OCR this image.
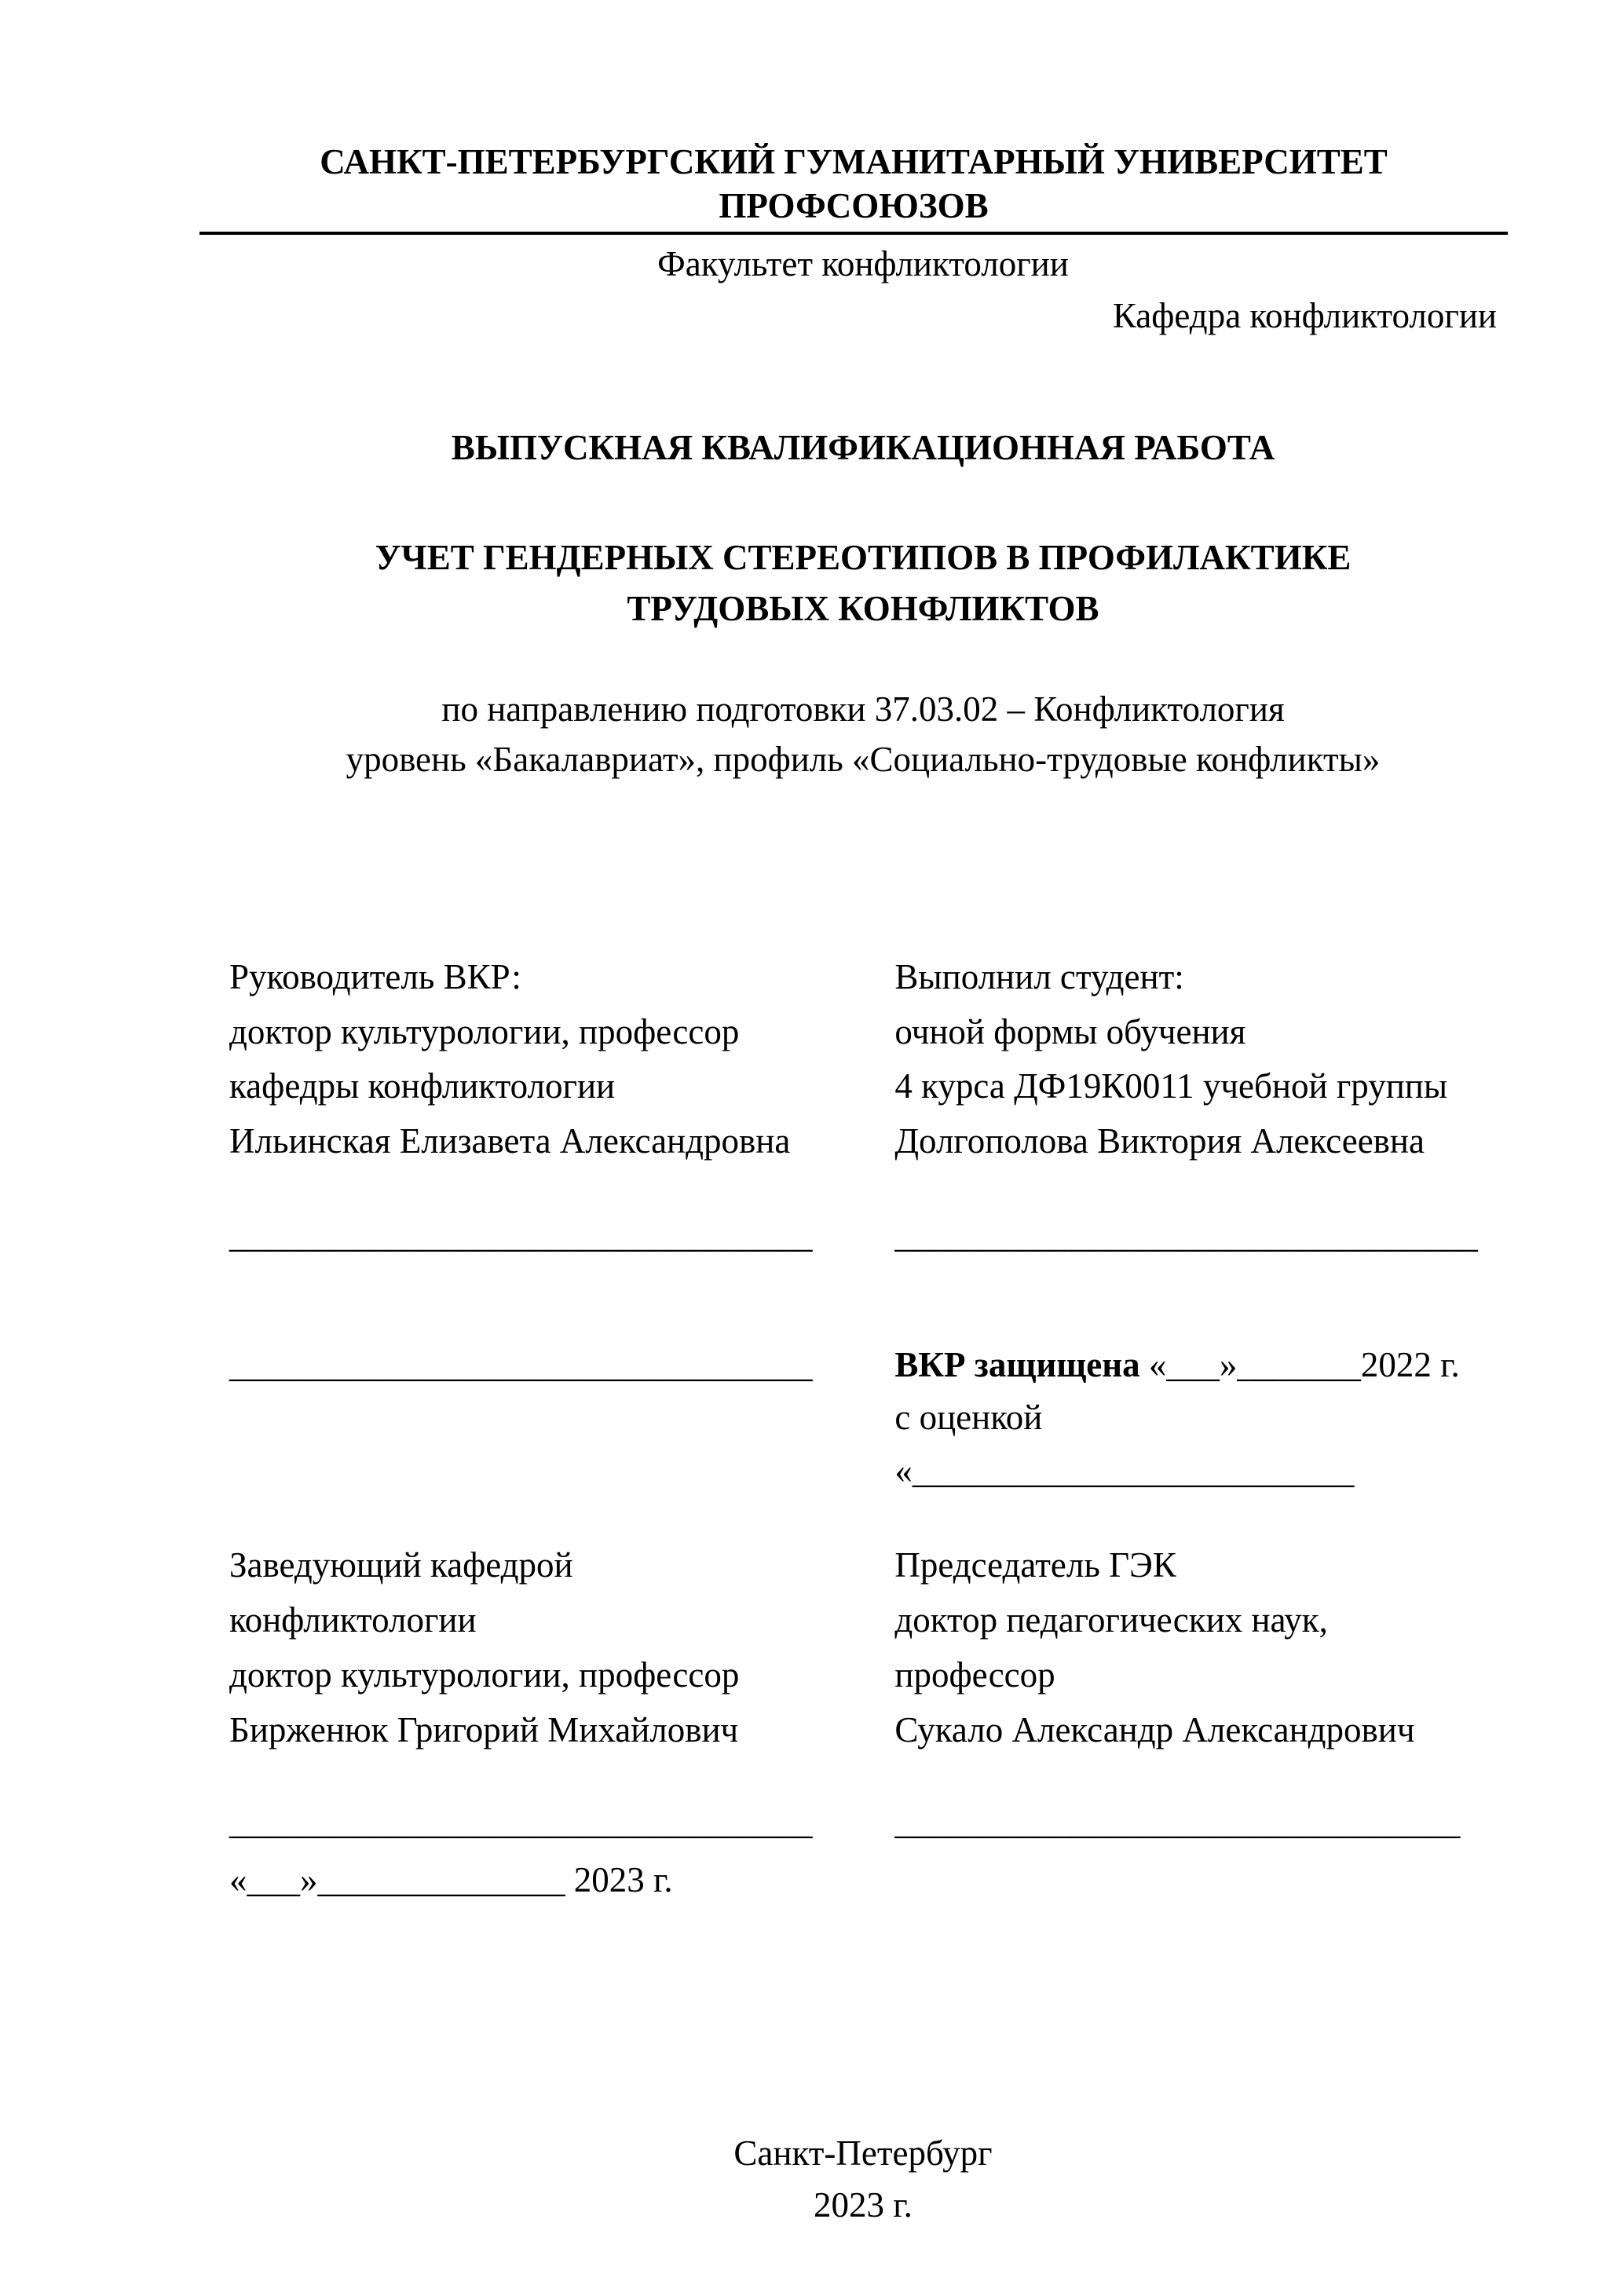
САНКТ-ПЕТЕРБУРГСКИЙ ГУМАНИТАРНЫЙ УНИВЕРСИТЕТ ПРОФСОЮЗОВ
Факультет конфликтологии
Кафедра конфликтологии
ВЫПУСКНАЯ КВАЛИФИКАЦИОННАЯ РАБОТА
УЧЕТ ГЕНДЕРНЫХ СТЕРЕОТИПОВ В ПРОФИЛАКТИКЕ
ТРУДОВЫХ КОНФЛИКТОВ
по направлению подготовки 37.03.02 – Конфликтология
уровень «Бакалавриат», профиль «Социально-трудовые конфликты»
Руководитель ВКР:
доктор культурологии, профессор
кафедры конфликтологии
Ильинская Елизавета Александровна
Выполнил студент:
очной формы обучения
4 курса ДФ19К0011 учебной группы
Долгополова Виктория Алексеевна
_________________________________	_________________________________
_________________________________	ВКР защищена «___»_______2022 г.
с оценкой «_________________________
Заведующий кафедрой
конфликтологии
доктор культурологии, профессор
Бирженюк Григорий Михайлович
Председатель ГЭК
доктор педагогических наук,
профессор
Сукало Александр Александрович
_________________________________	________________________________
«___»______________ 2023 г.
Санкт-Петербург
2023 г.
